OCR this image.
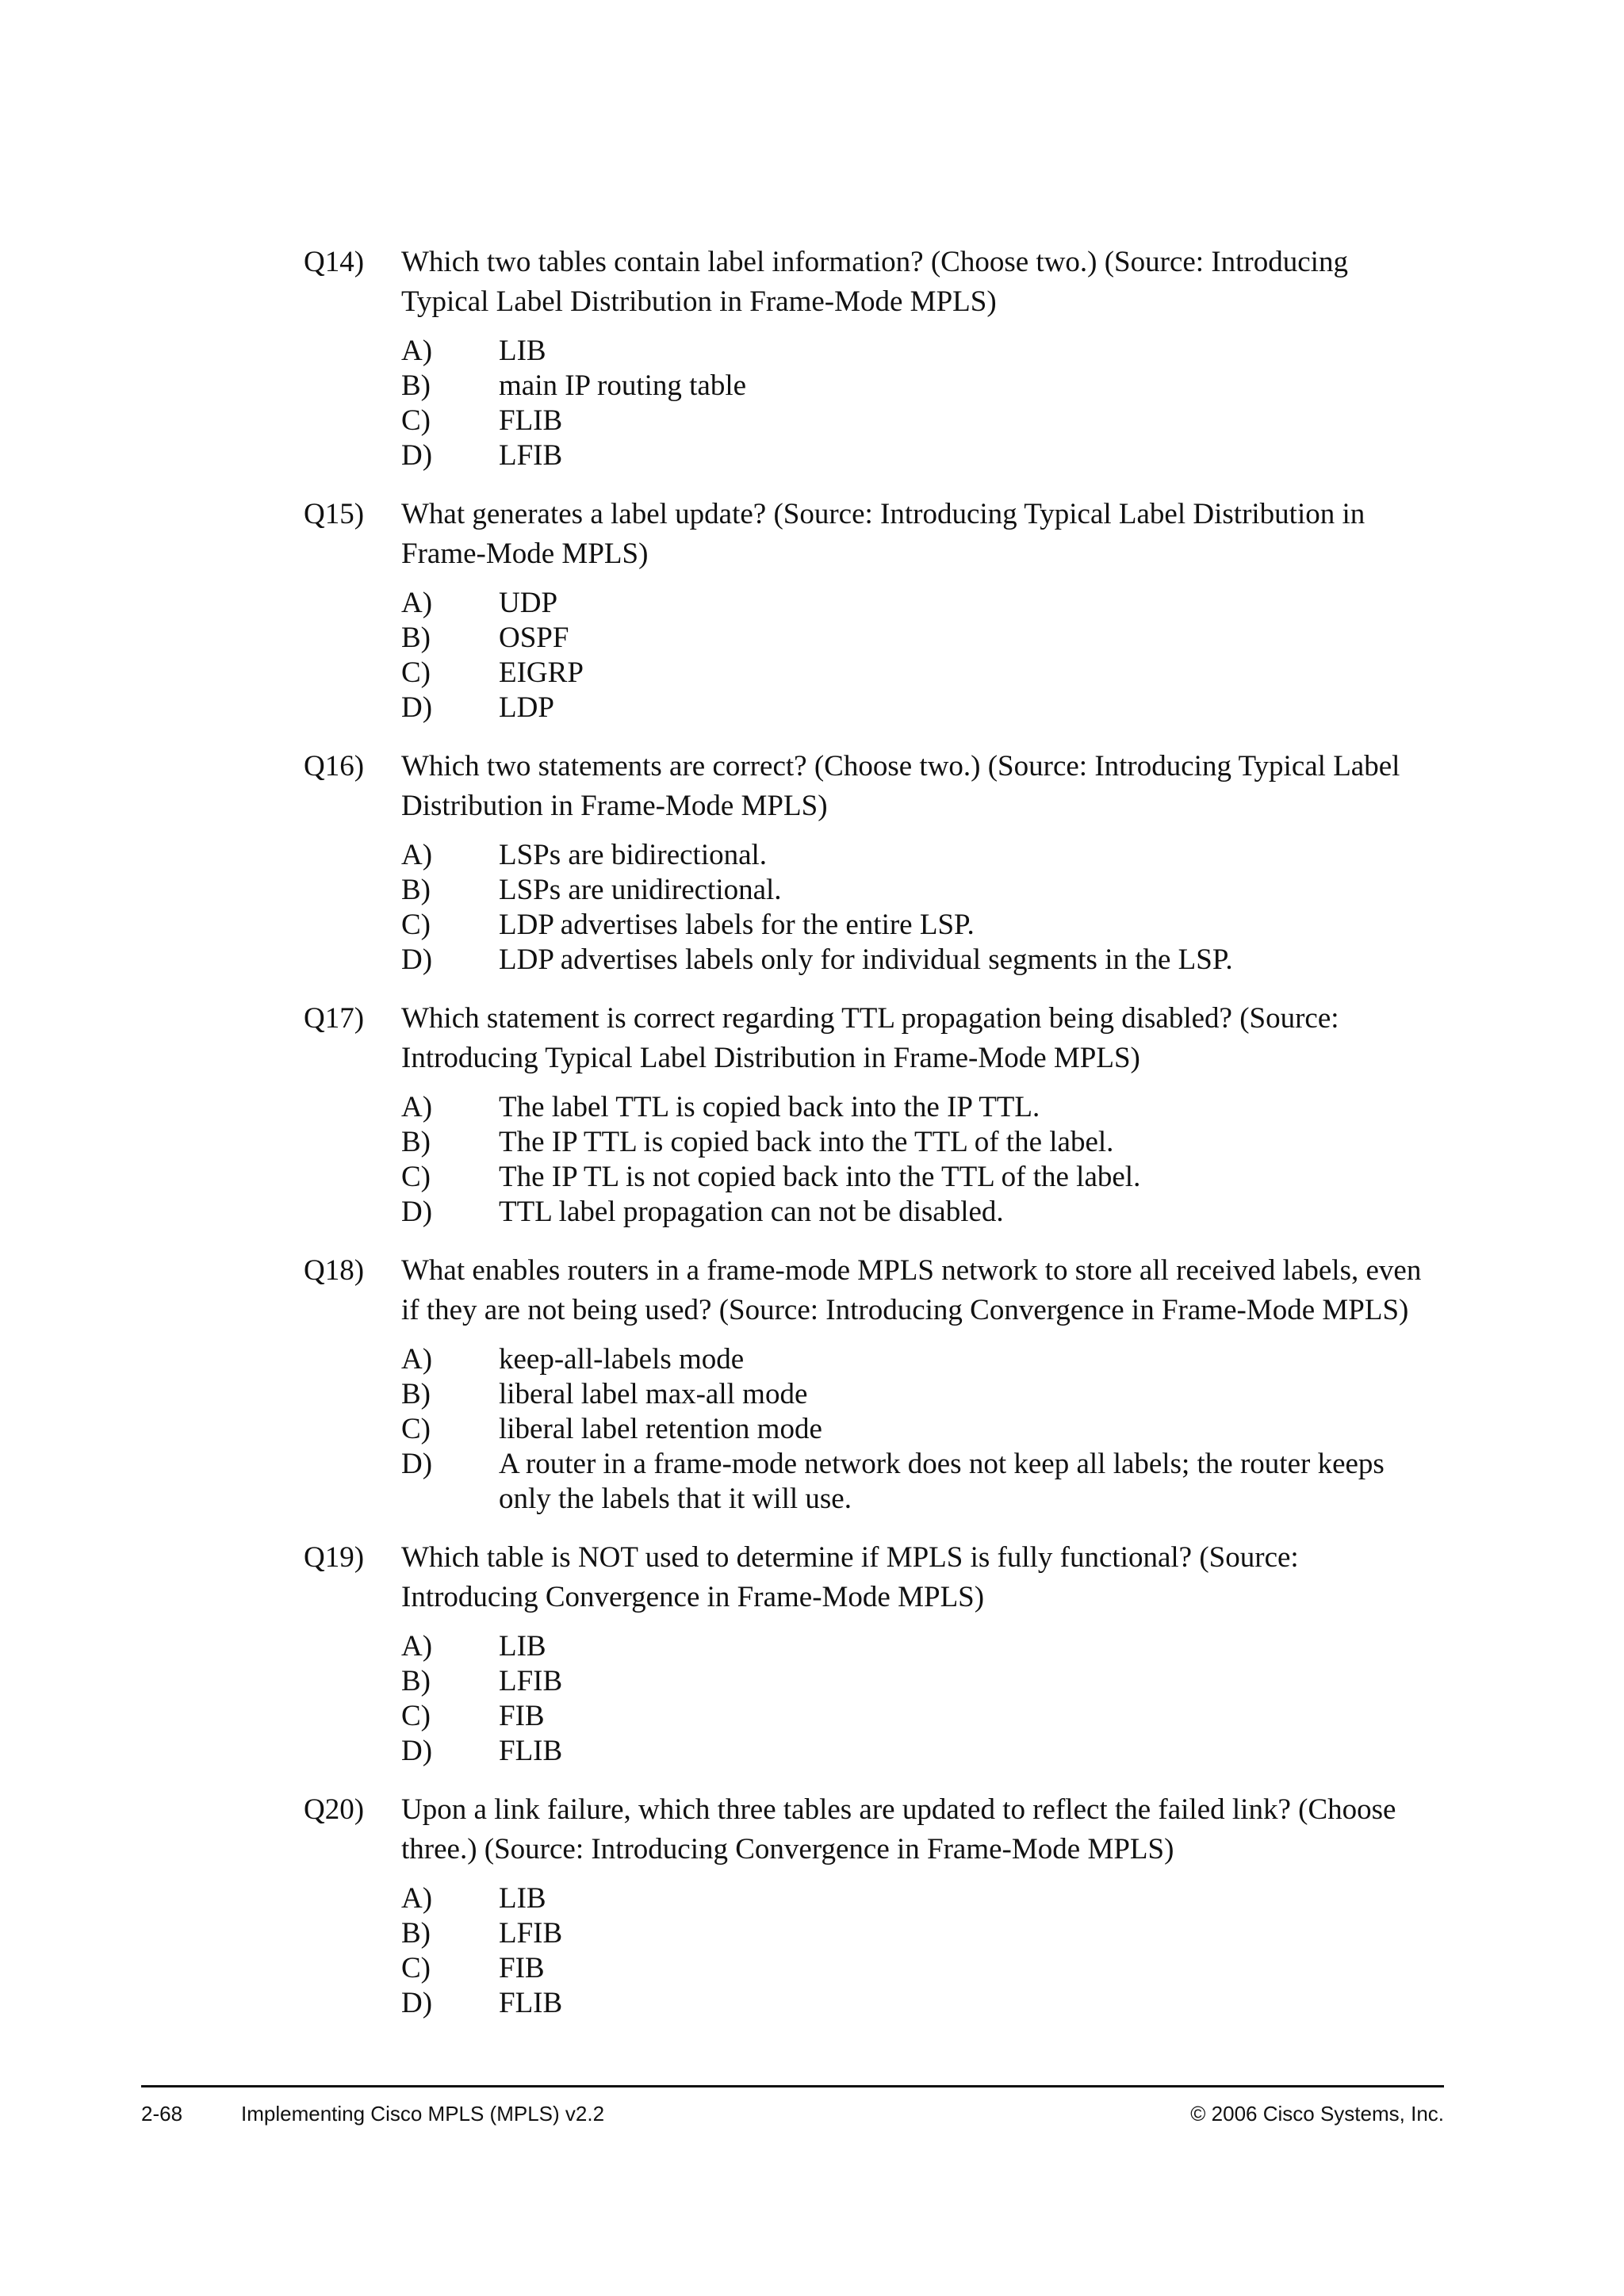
Q14)	Which two tables contain label information? (Choose two.) (Source: Introducing Typical Label Distribution in Frame-Mode MPLS)
A)	LIB
B)	main IP routing table
C)	FLIB
D)	LFIB
Q15)	What generates a label update? (Source: Introducing Typical Label Distribution in Frame-Mode MPLS)
A)	UDP
B)	OSPF
C)	EIGRP
D)	LDP
Q16)	Which two statements are correct? (Choose two.) (Source: Introducing Typical Label Distribution in Frame-Mode MPLS)
A)	LSPs are bidirectional.
B)	LSPs are unidirectional.
C)	LDP advertises labels for the entire LSP.
D)	LDP advertises labels only for individual segments in the LSP.
Q17)	Which statement is correct regarding TTL propagation being disabled? (Source: Introducing Typical Label Distribution in Frame-Mode MPLS)
A)	The label TTL is copied back into the IP TTL.
B)	The IP TTL is copied back into the TTL of the label.
C)	The IP TL is not copied back into the TTL of the label.
D)	TTL label propagation can not be disabled.
Q18)	What enables routers in a frame-mode MPLS network to store all received labels, even if they are not being used? (Source: Introducing Convergence in Frame-Mode MPLS)
A)	keep-all-labels mode
B)	liberal label max-all mode
C)	liberal label retention mode
D)	A router in a frame-mode network does not keep all labels; the router keeps only the labels that it will use.
Q19)	Which table is NOT used to determine if MPLS is fully functional? (Source: Introducing Convergence in Frame-Mode MPLS)
A)	LIB
B)	LFIB
C)	FIB
D)	FLIB
Q20)	Upon a link failure, which three tables are updated to reflect the failed link? (Choose three.) (Source: Introducing Convergence in Frame-Mode MPLS)
A)	LIB
B)	LFIB
C)	FIB
D)	FLIB
2-68	Implementing Cisco MPLS (MPLS) v2.2	© 2006 Cisco Systems, Inc.
